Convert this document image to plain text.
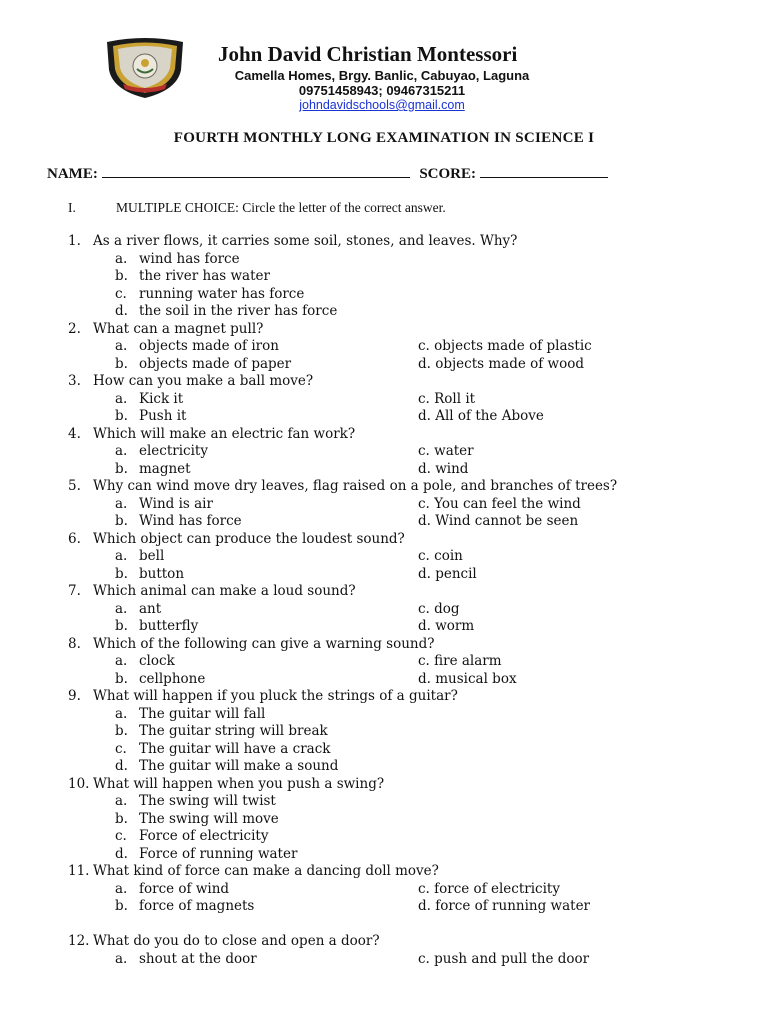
John David Christian Montessori
Camella Homes, Brgy. Banlic, Cabuyao, Laguna
09751458943; 09467315211
johndavidschools@gmail.com
FOURTH MONTHLY LONG EXAMINATION IN SCIENCE I
NAME:	SCORE:
I.	MULTIPLE CHOICE: Circle the letter of the correct answer.
1. As a river flows, it carries some soil, stones, and leaves. Why?
a. wind has force
b. the river has water
c. running water has force
d. the soil in the river has force
2. What can a magnet pull?
a. objects made of iron	c. objects made of plastic
b. objects made of paper	d. objects made of wood
3. How can you make a ball move?
a. Kick it	c. Roll it
b. Push it	d. All of the Above
4. Which will make an electric fan work?
a. electricity	c. water
b. magnet	d. wind
5. Why can wind move dry leaves, flag raised on a pole, and branches of trees?
a. Wind is air	c. You can feel the wind
b. Wind has force	d. Wind cannot be seen
6. Which object can produce the loudest sound?
a. bell	c. coin
b. button	d. pencil
7. Which animal can make a loud sound?
a. ant	c. dog
b. butterfly	d. worm
8. Which of the following can give a warning sound?
a. clock	c. fire alarm
b. cellphone	d. musical box
9. What will happen if you pluck the strings of a guitar?
a. The guitar will fall
b. The guitar string will break
c. The guitar will have a crack
d. The guitar will make a sound
10. What will happen when you push a swing?
a. The swing will twist
b. The swing will move
c. Force of electricity
d. Force of running water
11. What kind of force can make a dancing doll move?
a. force of wind	c. force of electricity
b. force of magnets	d. force of running water
12. What do you do to close and open a door?
a. shout at the door	c. push and pull the door
